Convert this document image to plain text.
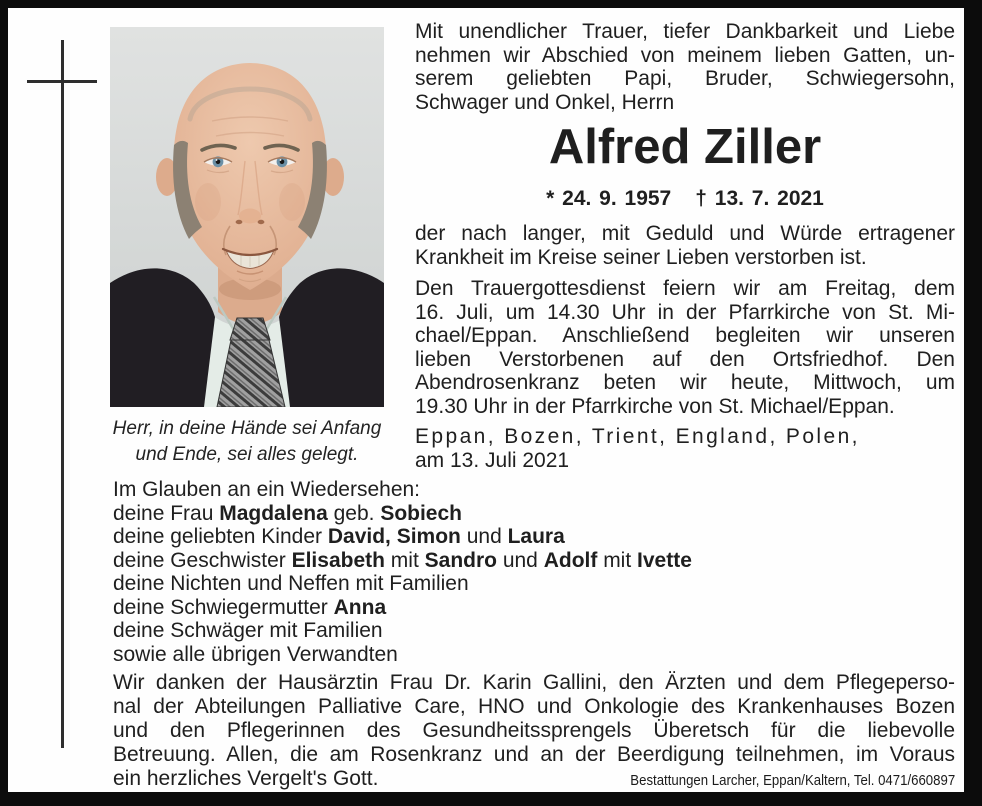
Herr, in deine Hände sei Anfang
und Ende, sei alles gelegt.
Mit unendlicher Trauer, tiefer Dankbarkeit und Liebe
nehmen wir Abschied von meinem lieben Gatten, un-
serem geliebten Papi, Bruder, Schwiegersohn,
Schwager und Onkel, Herrn
Alfred Ziller
* 24. 9. 1957 † 13. 7. 2021
der nach langer, mit Geduld und Würde ertragener
Krankheit im Kreise seiner Lieben verstorben ist.
Den Trauergottesdienst feiern wir am Freitag, dem
16. Juli, um 14.30 Uhr in der Pfarrkirche von St. Mi-
chael/Eppan. Anschließend begleiten wir unseren
lieben Verstorbenen auf den Ortsfriedhof. Den
Abendrosenkranz beten wir heute, Mittwoch, um
19.30 Uhr in der Pfarrkirche von St. Michael/Eppan.
Eppan, Bozen, Trient, England, Polen,
am 13. Juli 2021
Im Glauben an ein Wiedersehen:
deine Frau Magdalena geb. Sobiech
deine geliebten Kinder David, Simon und Laura
deine Geschwister Elisabeth mit Sandro und Adolf mit Ivette
deine Nichten und Neffen mit Familien
deine Schwiegermutter Anna
deine Schwäger mit Familien
sowie alle übrigen Verwandten
Wir danken der Hausärztin Frau Dr. Karin Gallini, den Ärzten und dem Pflegeperso-
nal der Abteilungen Palliative Care, HNO und Onkologie des Krankenhauses Bozen
und den Pflegerinnen des Gesundheitssprengels Überetsch für die liebevolle
Betreuung. Allen, die am Rosenkranz und an der Beerdigung teilnehmen, im Voraus
ein herzliches Vergelt's Gott.	Bestattungen Larcher, Eppan/Kaltern, Tel. 0471/660897
